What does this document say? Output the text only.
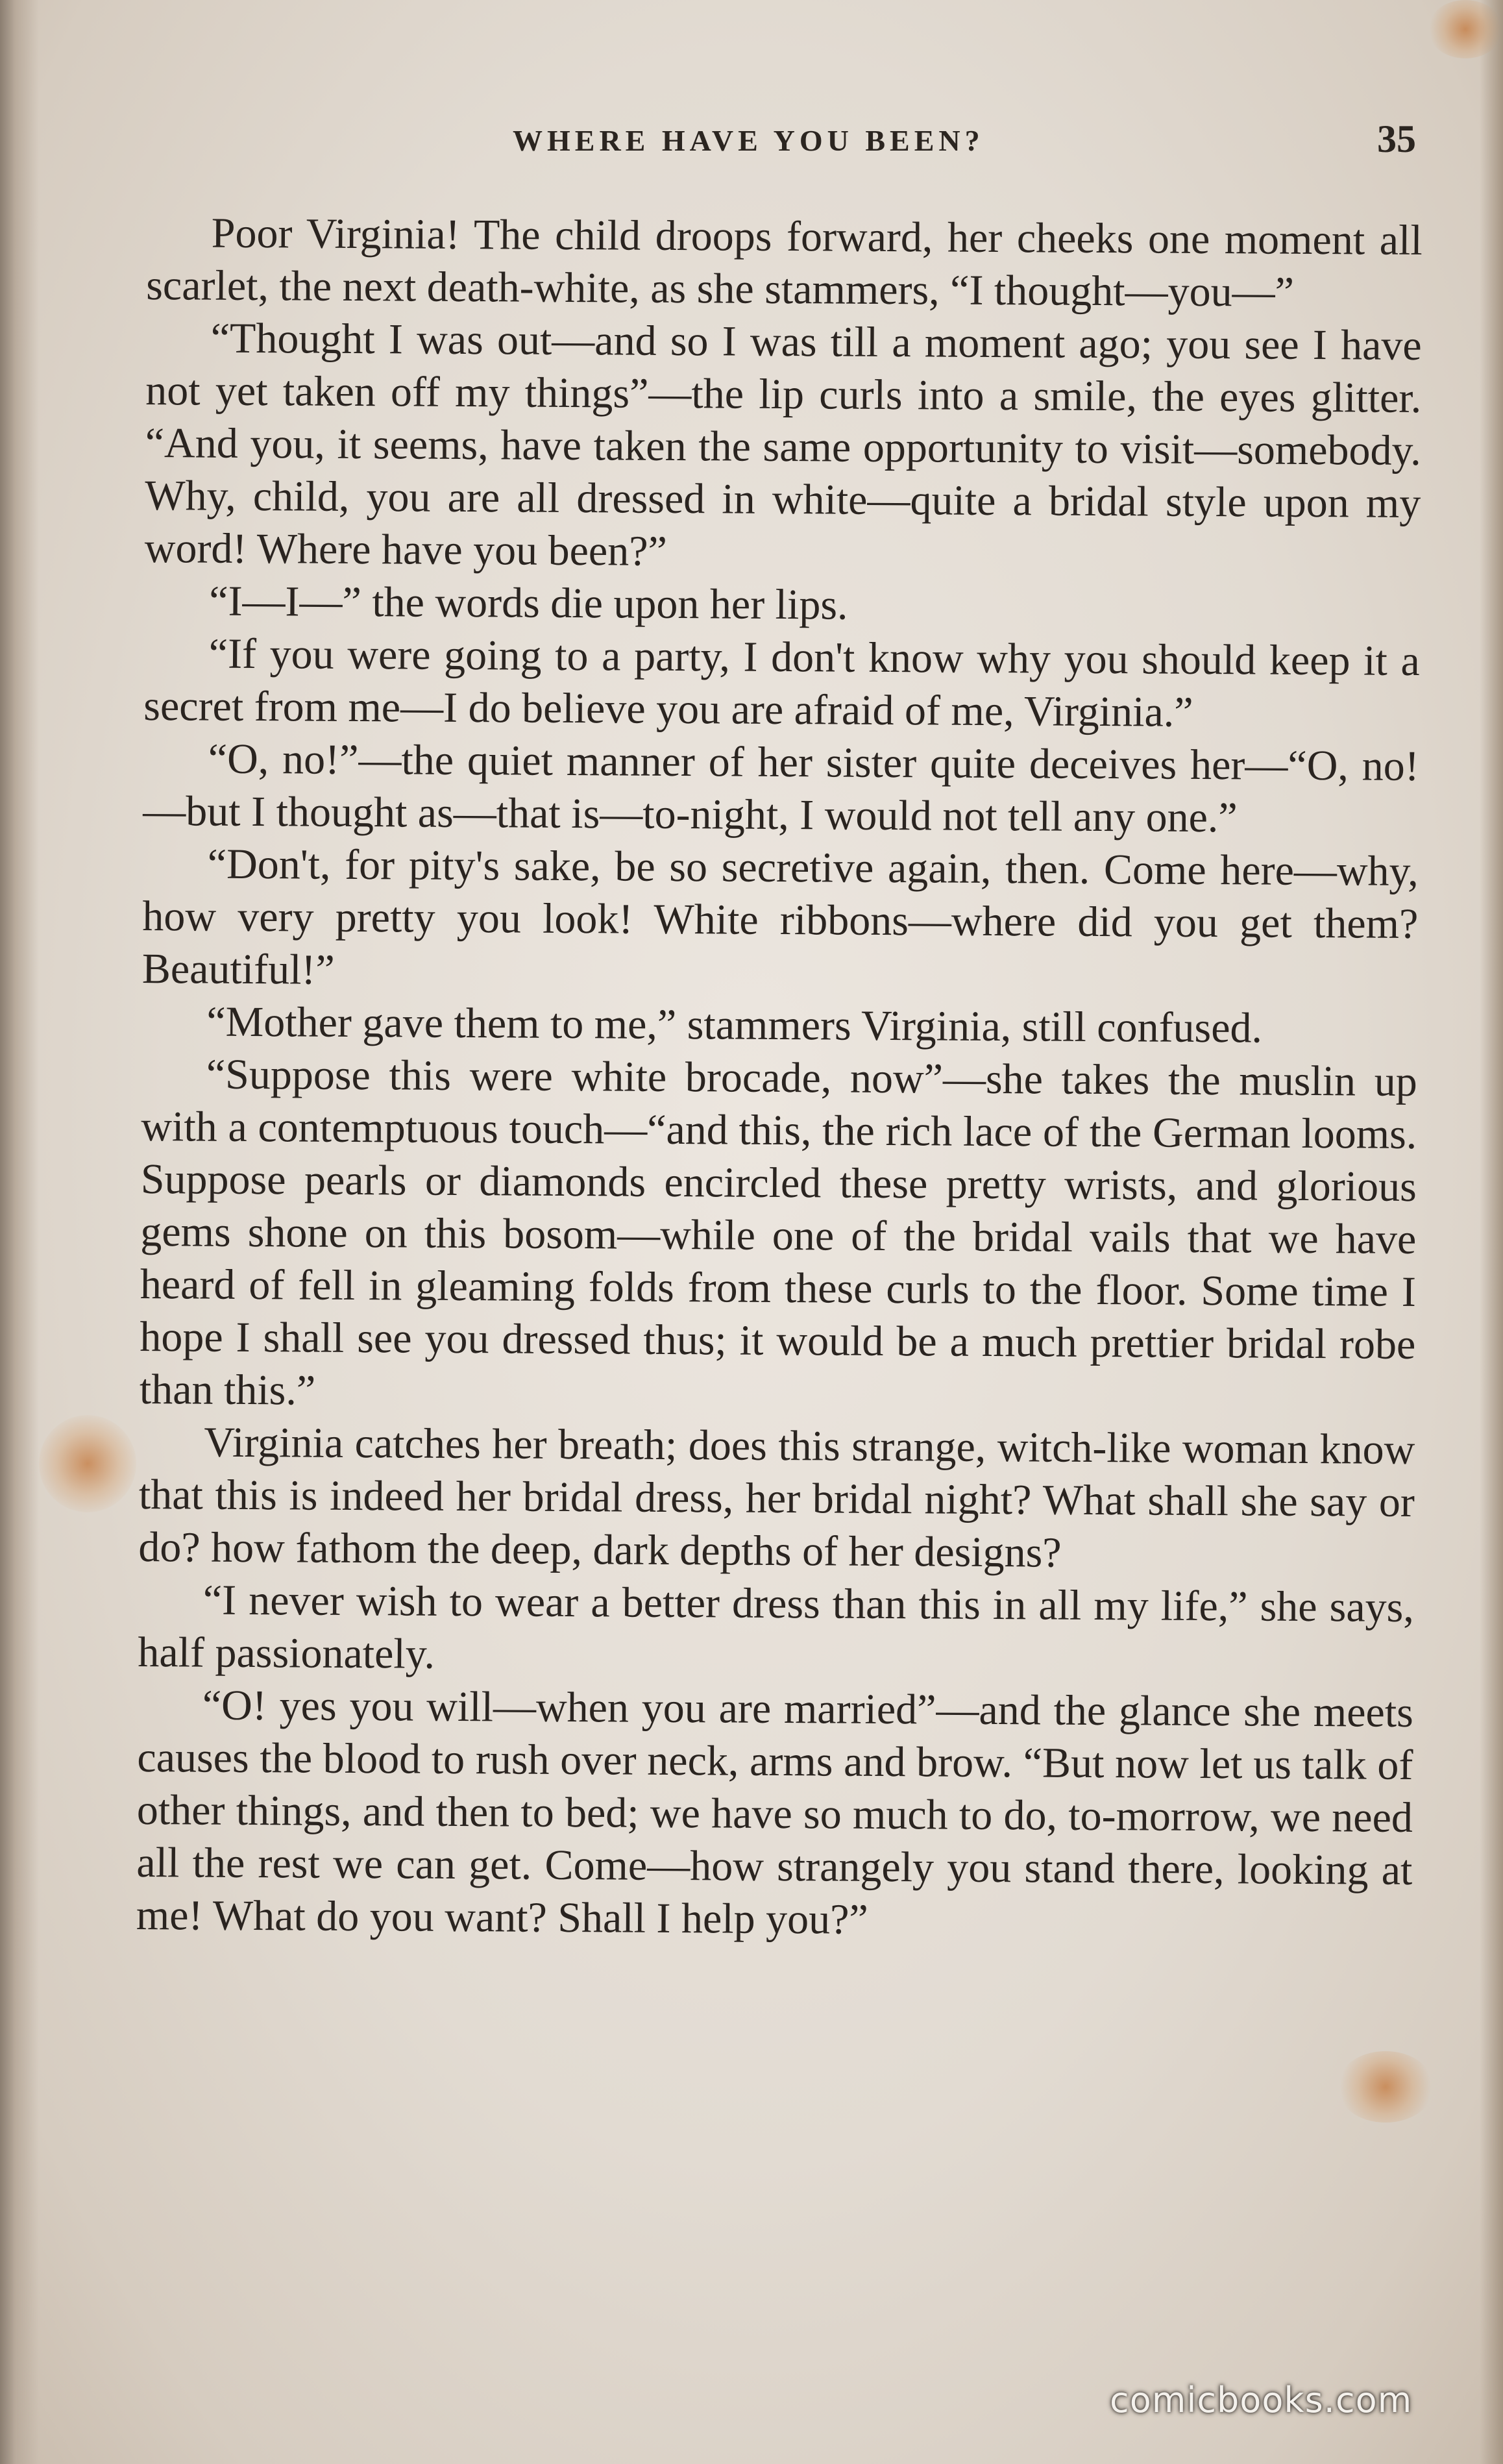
WHERE HAVE YOU BEEN?	35

Poor Virginia! The child droops forward, her cheeks one moment all scarlet, the next death-white, as she stammers, “I thought—you—”

“Thought I was out—and so I was till a moment ago; you see I have not yet taken off my things”—the lip curls into a smile, the eyes glitter. “And you, it seems, have taken the same opportunity to visit—somebody. Why, child, you are all dressed in white—quite a bridal style upon my word! Where have you been?”

“I—I—” the words die upon her lips.

“If you were going to a party, I don't know why you should keep it a secret from me—I do believe you are afraid of me, Virginia.”

“O, no!”—the quiet manner of her sister quite deceives her—“O, no!—but I thought as—that is—to-night, I would not tell any one.”

“Don't, for pity's sake, be so secretive again, then. Come here—why, how very pretty you look! White ribbons—where did you get them? Beautiful!”

“Mother gave them to me,” stammers Virginia, still confused.

“Suppose this were white brocade, now”—she takes the muslin up with a contemptuous touch—“and this, the rich lace of the German looms. Suppose pearls or diamonds encircled these pretty wrists, and glorious gems shone on this bosom—while one of the bridal vails that we have heard of fell in gleaming folds from these curls to the floor. Some time I hope I shall see you dressed thus; it would be a much prettier bridal robe than this.”

Virginia catches her breath; does this strange, witch-like woman know that this is indeed her bridal dress, her bridal night? What shall she say or do? how fathom the deep, dark depths of her designs?

“I never wish to wear a better dress than this in all my life,” she says, half passionately.

“O! yes you will—when you are married”—and the glance she meets causes the blood to rush over neck, arms and brow. “But now let us talk of other things, and then to bed; we have so much to do, to-morrow, we need all the rest we can get. Come—how strangely you stand there, looking at me! What do you want? Shall I help you?”

comicbooks.com
